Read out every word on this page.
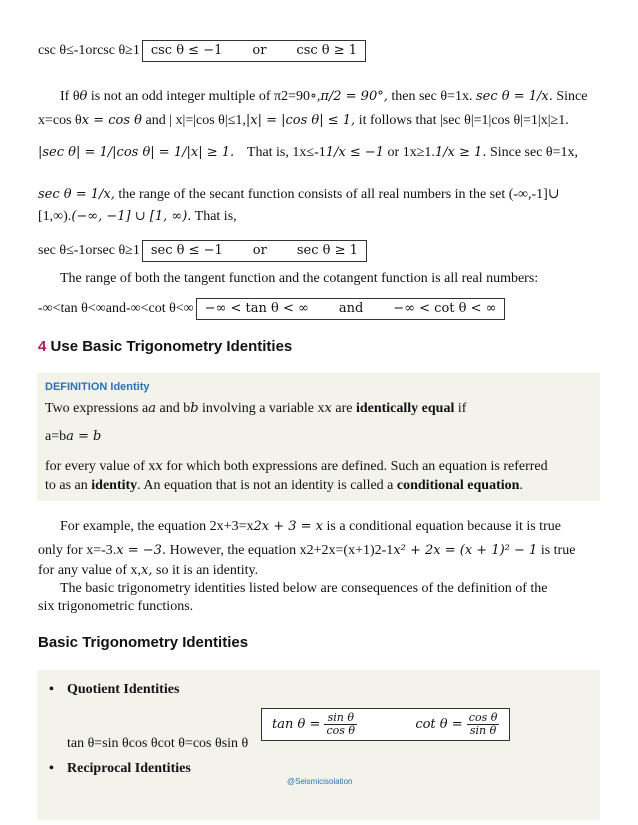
csc θ≤-1orcsc θ≥1 csc θ ≤ −1 or csc θ ≥ 1
If θθ is not an odd integer multiple of π2=90∘,π/2 = 90°, then sec θ=1x. sec θ = 1/x. Since
x=cos θx = cos θ and | x|=|cos θ|≤1,|x| = |cos θ| ≤ 1, it follows that |sec θ|=1|cos θ|=1|x|≥1.
|sec θ| = 1/|cos θ| = 1/|x| ≥ 1. That is, 1x≤-11/x ≤ −1 or 1x≥1.1/x ≥ 1. Since sec θ=1x,
sec θ = 1/x, the range of the secant function consists of all real numbers in the set (-∞,-1]∪
[1,∞).(−∞, −1] ∪ [1, ∞). That is,
sec θ≤-1orsec θ≥1 sec θ ≤ −1 or sec θ ≥ 1
The range of both the tangent function and the cotangent function is all real numbers:
-∞<tan θ<∞and-∞<cot θ<∞ −∞ < tan θ < ∞ and −∞ < cot θ < ∞
4 Use Basic Trigonometry Identities
DEFINITION Identity
Two expressions aa and bb involving a variable xx are identically equal if
a=ba = b
for every value of xx for which both expressions are defined. Such an equation is referred
to as an identity. An equation that is not an identity is called a conditional equation.
For example, the equation 2x+3=x2x + 3 = x is a conditional equation because it is true
only for x=-3.x = −3. However, the equation x2+2x=(x+1)2-1x² + 2x = (x + 1)² − 1 is true
for any value of x,x, so it is an identity.
The basic trigonometry identities listed below are consequences of the definition of the
six trigonometric functions.
Basic Trigonometry Identities
• Quotient Identities
tan θ=sin θcos θcot θ=cos θsin θ
$\tan \theta = \frac{\text{sin θ}}{\text{cos θ}}$	$\cot \theta = \frac{\text{cos θ}}{\text{sin θ}}$
• Reciprocal Identities
@Seismicisolation
